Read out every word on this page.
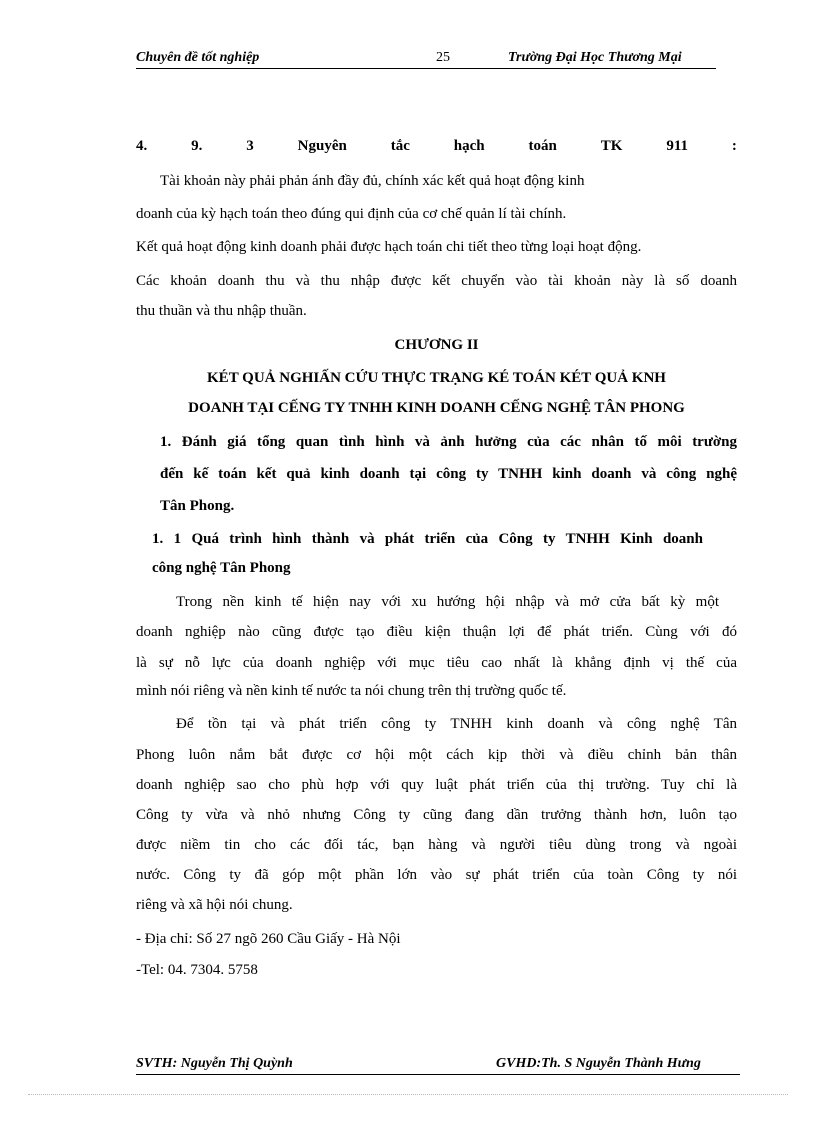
Chuyên đề tốt nghiệp	25	Trường Đại Học Thương Mại
4.	9.	3	Nguyên	tắc	hạch	toán	TK	911	:
Tài khoản này phải phản ánh đầy đủ, chính xác kết quả hoạt động kinh
doanh của kỳ hạch toán theo đúng qui định của cơ chế quản lí tài chính.
Kết quả hoạt động kinh doanh phải được hạch toán chi tiết theo từng loại hoạt động.
Các khoản doanh thu và thu nhập được kết chuyển vào tài khoản này là số doanh
thu thuần và thu nhập thuần.
CHƯƠNG II
KÉT QUẢ NGHIẤN CỨU THỰC TRẠNG KÉ TOÁN KÉT QUẢ KNH
DOANH TẠI CẾNG TY TNHH KINH DOANH CẾNG NGHỆ TÂN PHONG
1. Đánh giá tổng quan tình hình và ảnh hưởng của các nhân tố môi trường
đến kế toán kết quả kinh doanh tại công ty TNHH kinh doanh và công nghệ
Tân Phong.
1. 1 Quá trình hình thành và phát triển của Công ty TNHH Kinh doanh
công nghệ Tân Phong
Trong nền kinh tế hiện nay với xu hướng hội nhập và mở cửa bất kỳ một
doanh nghiệp nào cũng được tạo điều kiện thuận lợi để phát triển. Cùng với đó
là sự nỗ lực của doanh nghiệp với mục tiêu cao nhất là khẳng định vị thế của
mình nói riêng và nền kinh tế nước ta nói chung trên thị trường quốc tế.
Để tồn tại và phát triển công ty TNHH kinh doanh và công nghệ Tân
Phong luôn nắm bắt được cơ hội một cách kịp thời và điều chỉnh bản thân
doanh nghiệp sao cho phù hợp với quy luật phát triển của thị trường. Tuy chỉ là
Công ty vừa và nhỏ nhưng Công ty cũng đang dần trưởng thành hơn, luôn tạo
được niềm tin cho các đối tác, bạn hàng và người tiêu dùng trong và ngoài
nước. Công ty đã góp một phần lớn vào sự phát triển của toàn Công ty nói
riêng và xã hội nói chung.
- Địa chỉ: Số 27 ngõ 260 Cầu Giấy - Hà Nội
-Tel: 04. 7304. 5758
SVTH: Nguyễn Thị Quỳnh	GVHD:Th. S Nguyễn Thành Hưng
